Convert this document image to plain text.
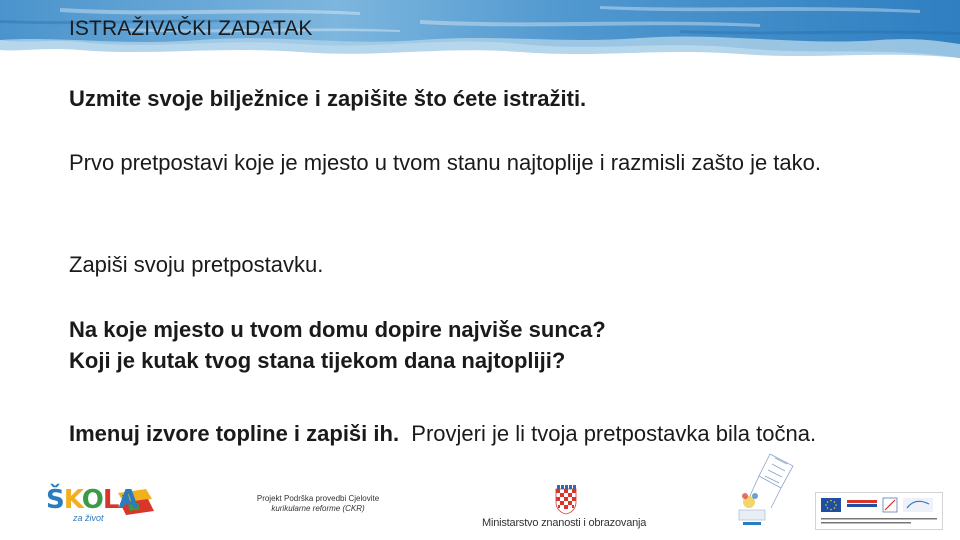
ISTRAŽIVAČKI ZADATAK
Uzmite svoje bilježnice i zapišite što ćete istražiti.
Prvo pretpostavi koje je mjesto u tvom stanu najtoplije i razmisli zašto je tako.
Zapiši svoju pretpostavku.
Na koje mjesto u tvom domu dopire najviše sunca?
Koji je kutak tvog stana tijekom dana najtopliji?
Imenuj izvore topline i zapiši ih. Provjeri je li tvoja pretpostavka bila točna.
ŠKOLA
za život
Projekt Podrška provedbi Cjelovite
kurikularne reforme (CKR)
Ministarstvo znanosti i obrazovanja
